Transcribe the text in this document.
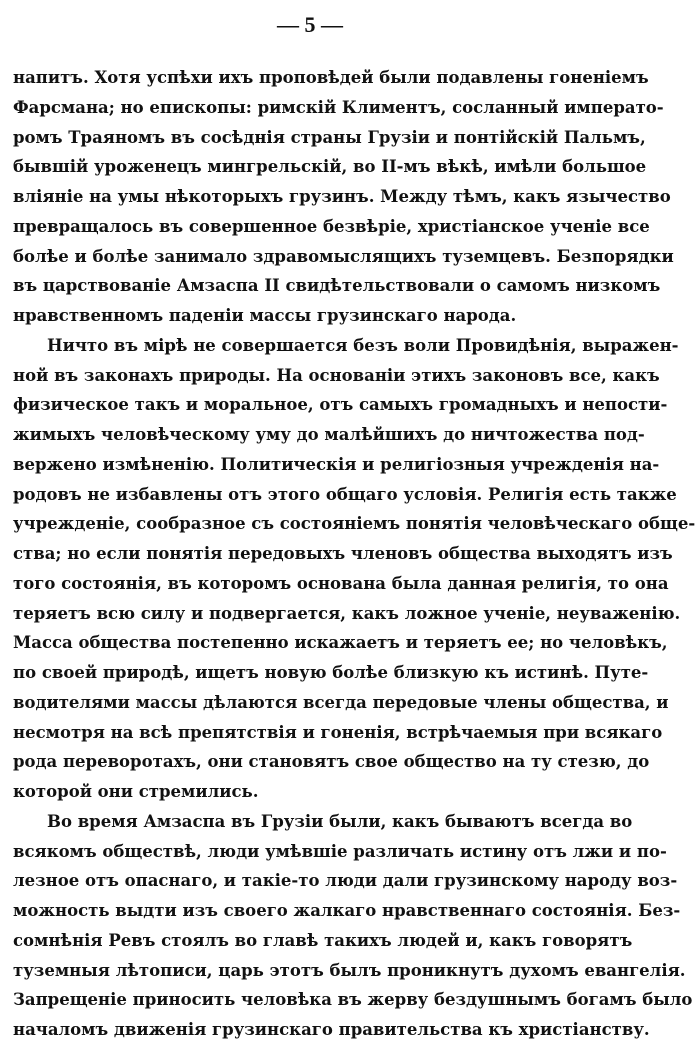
— 5 —
напитъ. Хотя успѣхи ихъ проповѣдей были подавлены гоненіемъ
Фарсмана; но епископы: римскій Климентъ, сосланный императо-
ромъ Траяномъ въ сосѣднія страны Грузіи и понтійскій Пальмъ,
бывшій уроженецъ мингрельскій, во II-мъ вѣкѣ, имѣли большое
вліяніе на умы нѣкоторыхъ грузинъ. Между тѣмъ, какъ язычество
превращалось въ совершенное безвѣріе, христіанское ученіе все
болѣе и болѣе занимало здравомыслящихъ туземцевъ. Безпорядки
въ царствованіе Амзаспа II свидѣтельствовали о самомъ низкомъ
нравственномъ паденіи массы грузинскаго народа.
Ничто въ мірѣ не совершается безъ воли Провидѣнія, выражен-
ной въ законахъ природы. На основаніи этихъ законовъ все, какъ
физическое такъ и моральное, отъ самыхъ громадныхъ и непости-
жимыхъ человѣческому уму до малѣйшихъ до ничтожества под-
вержено измѣненію. Политическія и религіозныя учрежденія на-
родовъ не избавлены отъ этого общаго условія. Религія есть также
учрежденіе, сообразное съ состояніемъ понятія человѣческаго обще-
ства; но если понятія передовыхъ членовъ общества выходятъ изъ
того состоянія, въ которомъ основана была данная религія, то она
теряетъ всю силу и подвергается, какъ ложное ученіе, неуваженію.
Масса общества постепенно искажаетъ и теряетъ ее; но человѣкъ,
по своей природѣ, ищетъ новую болѣе близкую къ истинѣ. Путе-
водителями массы дѣлаются всегда передовые члены общества, и
несмотря на всѣ препятствія и гоненія, встрѣчаемыя при всякаго
рода переворотахъ, они становятъ свое общество на ту стезю, до
которой они стремились.
Во время Амзаспа въ Грузіи были, какъ бываютъ всегда во
всякомъ обществѣ, люди умѣвшіе различать истину отъ лжи и по-
лезное отъ опаснаго, и такіе-то люди дали грузинскому народу воз-
можность выдти изъ своего жалкаго нравственнаго состоянія. Без-
сомнѣнія Ревъ стоялъ во главѣ такихъ людей и, какъ говорятъ
туземныя лѣтописи, царь этотъ былъ проникнутъ духомъ евангелія.
Запрещеніе приносить человѣка въ жерву бездушнымъ богамъ было
началомъ движенія грузинскаго правительства къ христіанству.
